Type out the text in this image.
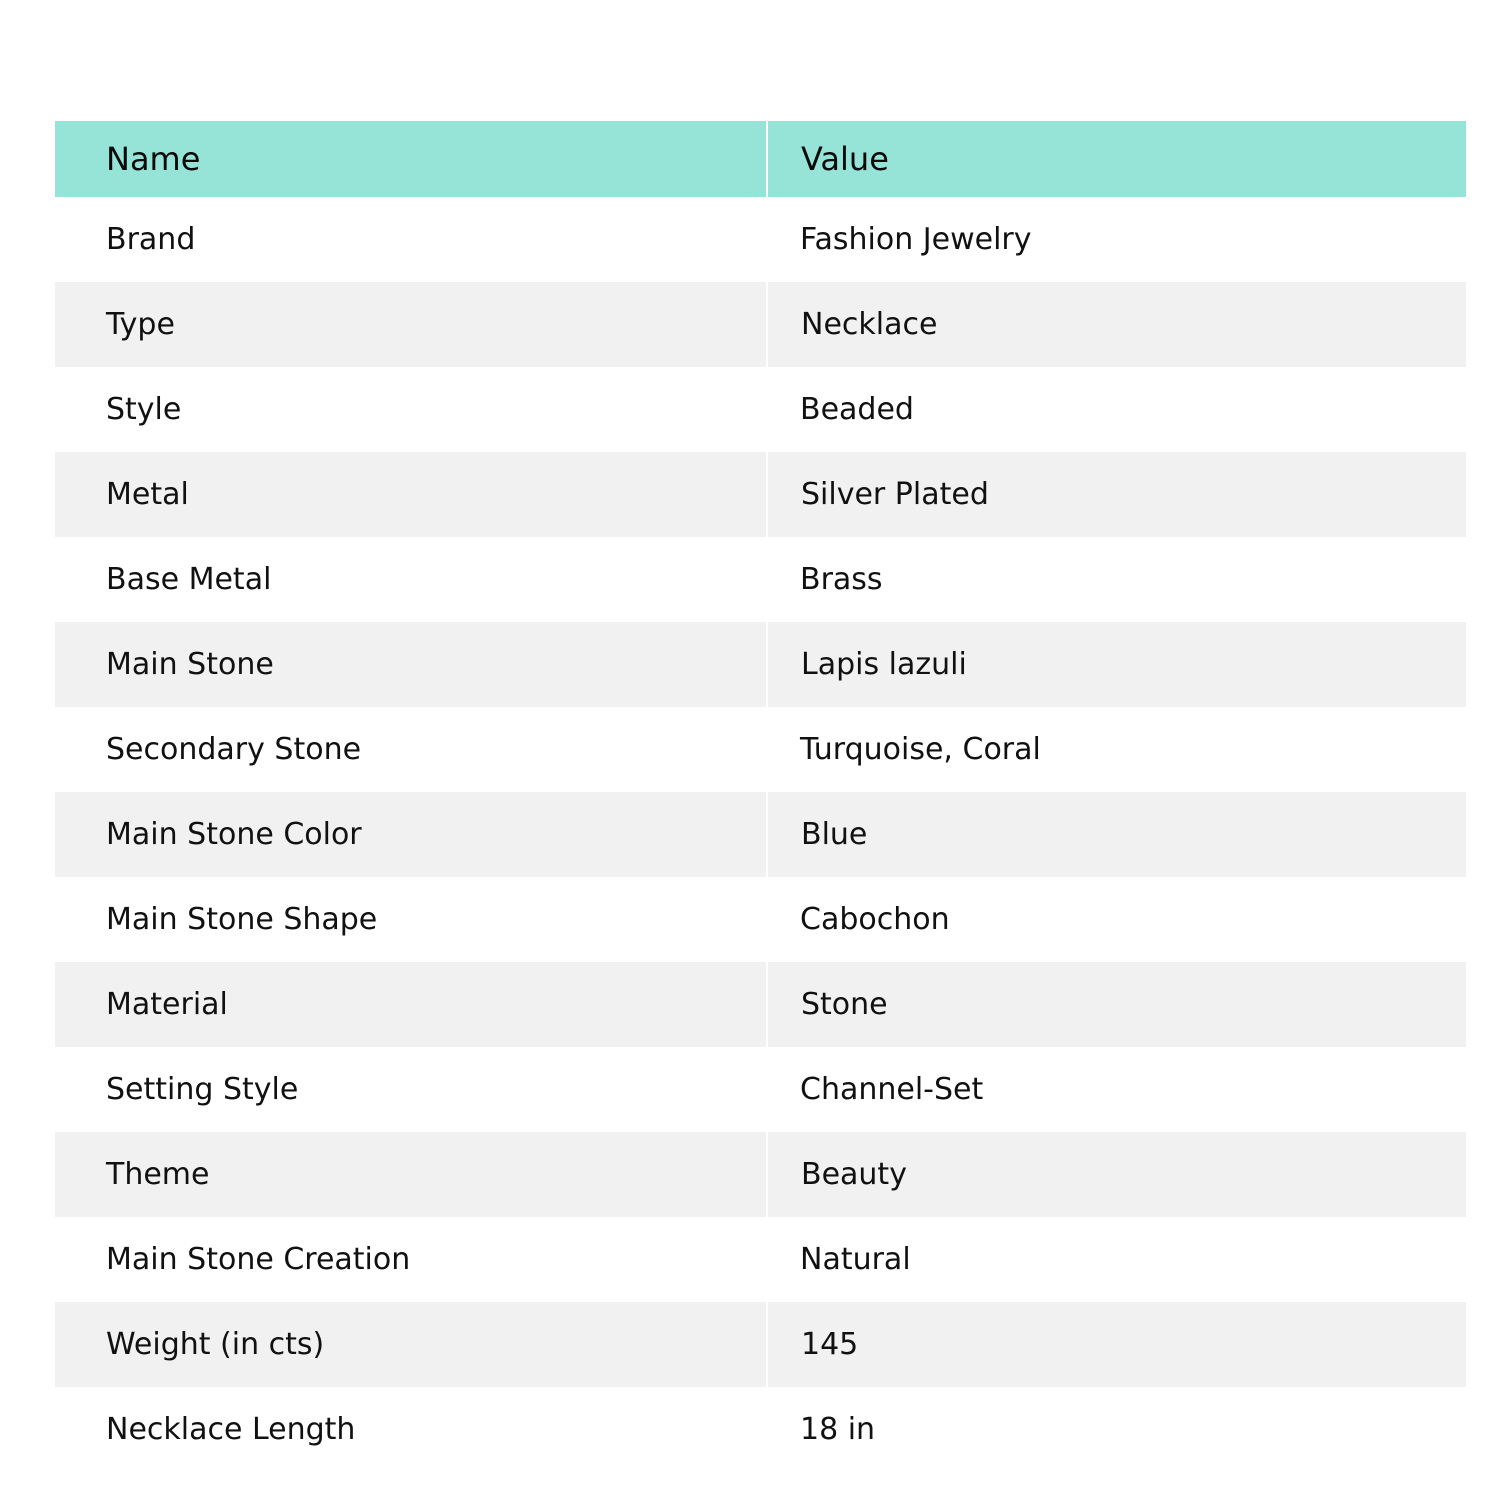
Name	Value
Brand	Fashion Jewelry
Type	Necklace
Style	Beaded
Metal	Silver Plated
Base Metal	Brass
Main Stone	Lapis lazuli
Secondary Stone	Turquoise, Coral
Main Stone Color	Blue
Main Stone Shape	Cabochon
Material	Stone
Setting Style	Channel-Set
Theme	Beauty
Main Stone Creation	Natural
Weight (in cts)	145
Necklace Length	18 in
